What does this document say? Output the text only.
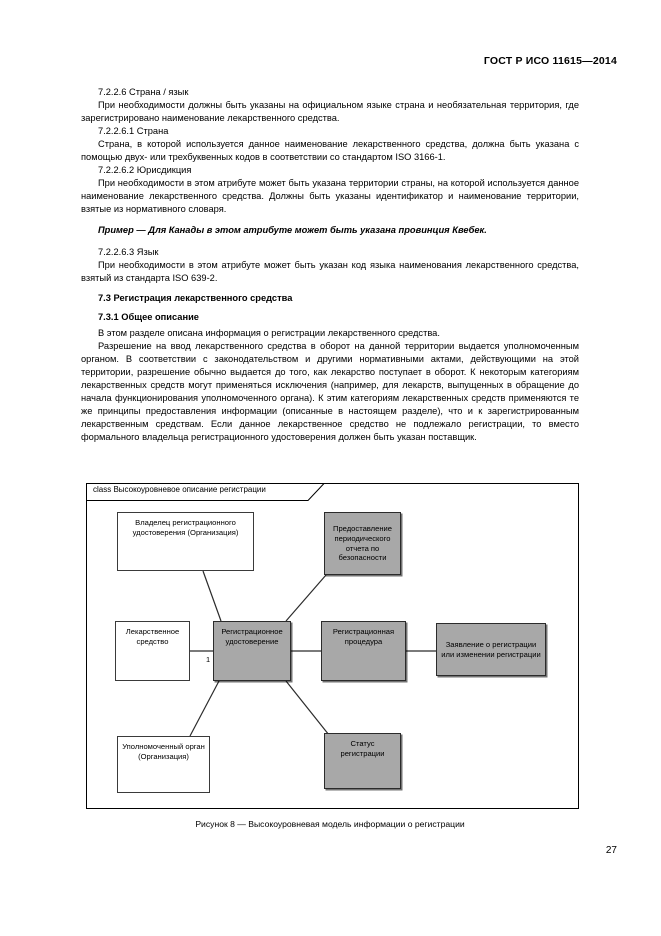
ГОСТ Р ИСО 11615—2014
7.2.2.6 Страна / язык
При необходимости должны быть указаны на официальном языке страна и необязательная территория, где зарегистрировано наименование лекарственного средства.
7.2.2.6.1 Страна
Страна, в которой используется данное наименование лекарственного средства, должна быть указана с помощью двух- или трехбуквенных кодов в соответствии со стандартом ISO 3166-1.
7.2.2.6.2 Юрисдикция
При необходимости в этом атрибуте может быть указана территории страны, на которой используется данное наименование лекарственного средства. Должны быть указаны идентификатор и наименование территории, взятые из нормативного словаря.
Пример — Для Канады в этом атрибуте может быть указана провинция Квебек.
7.2.2.6.3 Язык
При необходимости в этом атрибуте может быть указан код языка наименования лекарственного средства, взятый из стандарта ISO 639-2.
7.3 Регистрация лекарственного средства
7.3.1 Общее описание
В этом разделе описана информация о регистрации лекарственного средства.
Разрешение на ввод лекарственного средства в оборот на данной территории выдается уполномоченным органом. В соответствии с законодательством и другими нормативными актами, действующими на этой территории, разрешение обычно выдается до того, как лекарство поступает в оборот. К некоторым категориям лекарственных средств могут применяться исключения (например, для лекарств, выпущенных в обращение до начала функционирования уполномоченного органа). К этим категориям лекарственных средств применяются те же принципы предоставления информации (описанные в настоящем разделе), что и к зарегистрированным лекарственным средствам. Если данное лекарственное средство не подлежало регистрации, то вместо формального владельца регистрационного удостоверения должен быть указан поставщик.
class Высокоуровневое описание регистрации
Владелец регистрационного удостоверения (Организация)	Предоставление периодического отчета по безопасности
Лекарственное средство
Регистрационное удостоверение
1
Регистрационная процедура	Заявление о регистрации или изменении регистрации
Уполномоченный орган (Организация)
Статус регистрации
Рисунок 8 — Высокоуровневая модель информации о регистрации
27
